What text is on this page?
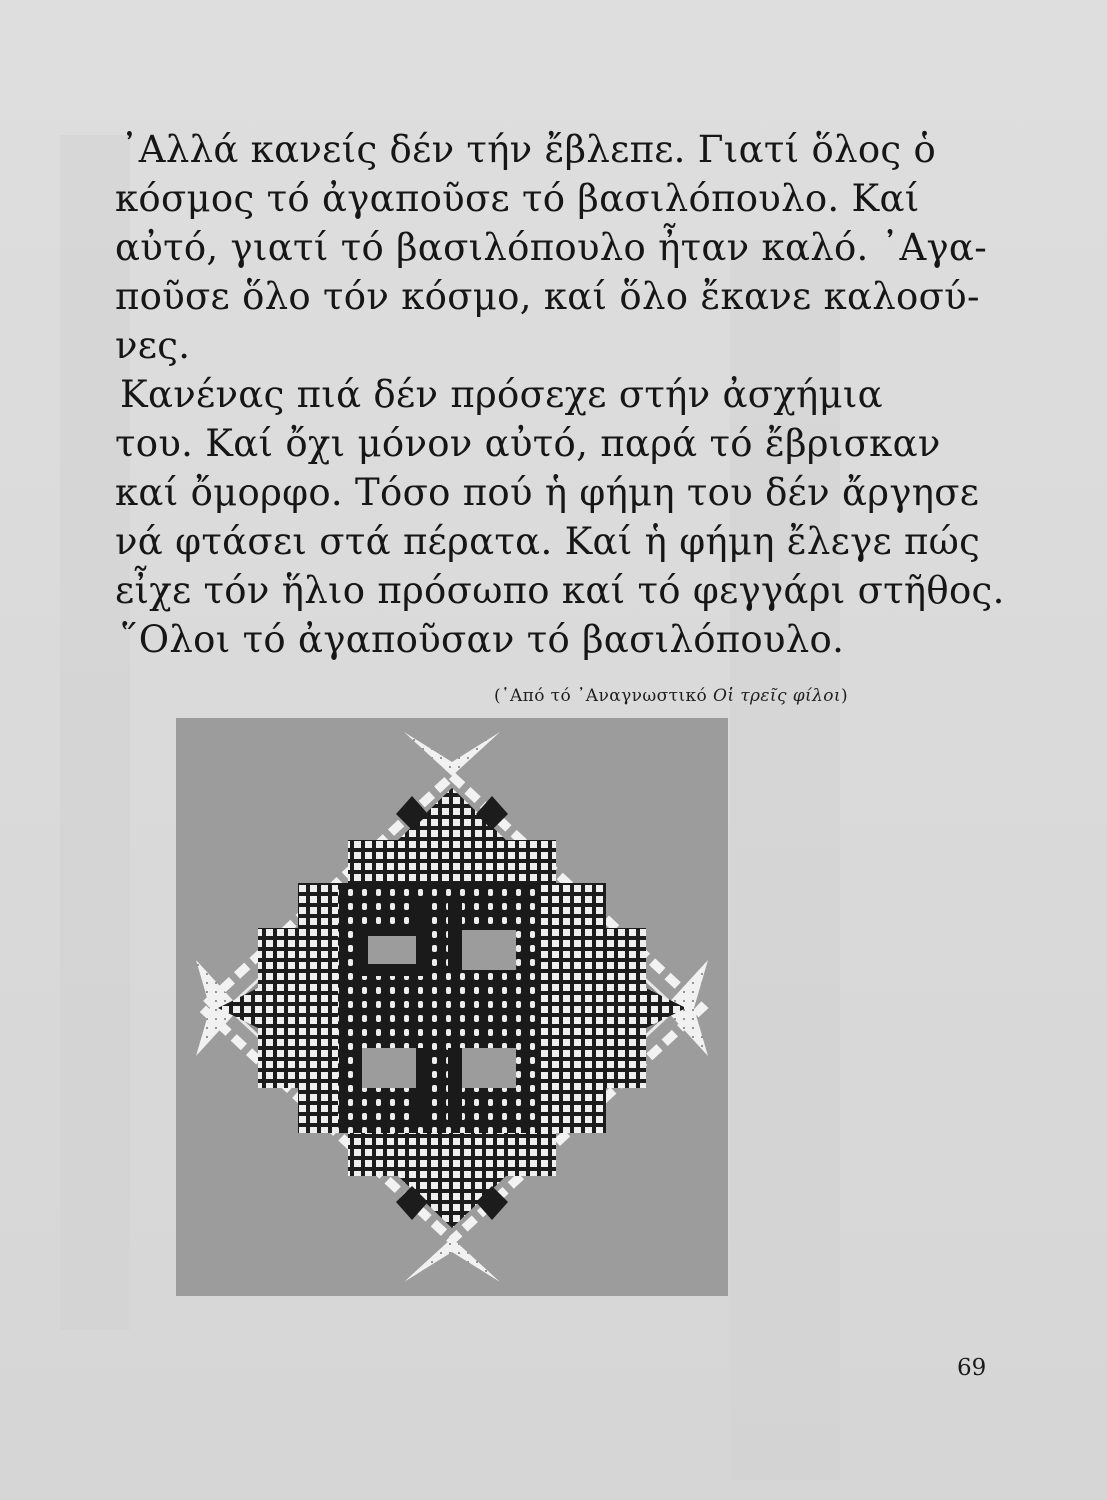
᾿Αλλά κανείς δέν τήν ἔβλεπε. Γιατί ὅλος ὁ
κόσμος τό ἀγαποῦσε τό βασιλόπουλο. Καί
αὐτό, γιατί τό βασιλόπουλο ἦταν καλό. ᾿Αγα-
ποῦσε ὅλο τόν κόσμο, καί ὅλο ἔκανε καλοσύ-
νες.

Κανένας πιά δέν πρόσεχε στήν ἀσχήμια
του. Καί ὄχι μόνον αὐτό, παρά τό ἔβρισκαν
καί ὄμορφο. Τόσο πού ἡ φήμη του δέν ἄργησε
νά φτάσει στά πέρατα. Καί ἡ φήμη ἔλεγε πώς
εἶχε τόν ἥλιο πρόσωπο καί τό φεγγάρι στῆθος.
῞Ολοι τό ἀγαποῦσαν τό βασιλόπουλο.

(῾Από τό ᾿Αναγνωστικό Οἱ τρεῖς φίλοι)
69
